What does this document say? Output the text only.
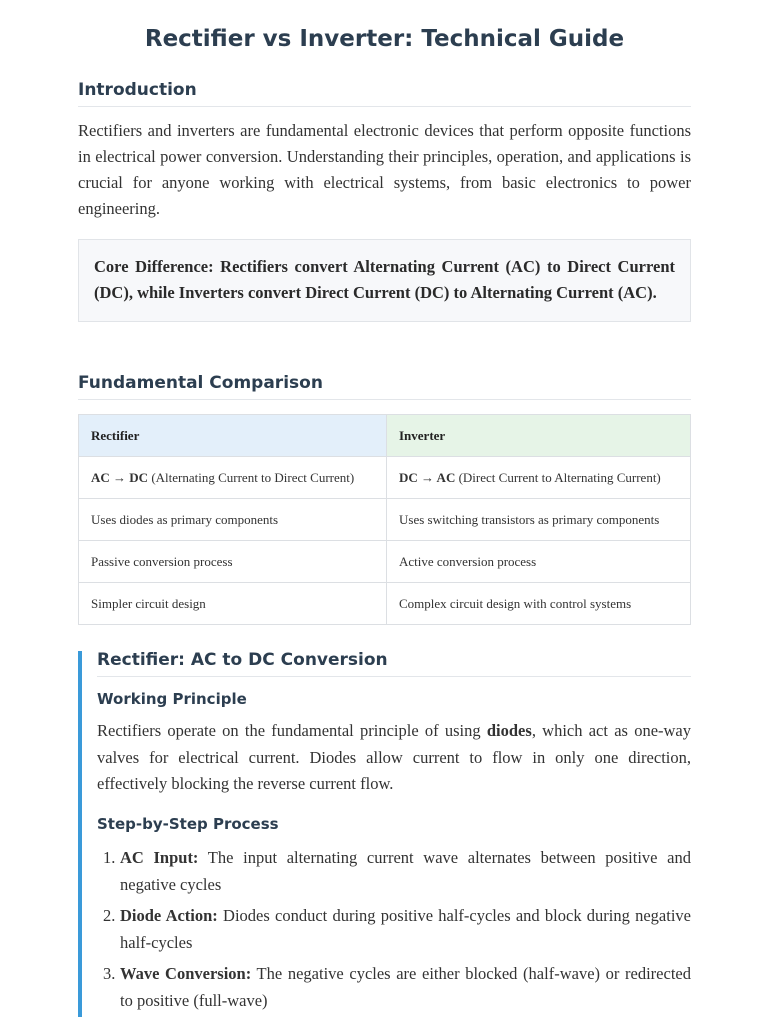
Rectifier vs Inverter: Technical Guide
Introduction

Rectifiers and inverters are fundamental electronic devices that perform opposite functions in electrical power conversion. Understanding their principles, operation, and applications is crucial for anyone working with electrical systems, from basic electronics to power engineering.

Core Difference: Rectifiers convert Alternating Current (AC) to Direct Current (DC), while Inverters convert Direct Current (DC) to Alternating Current (AC).
Fundamental Comparison
Rectifier	Inverter
AC → DC (Alternating Current to Direct Current)	DC → AC (Direct Current to Alternating Current)
Uses diodes as primary components	Uses switching transistors as primary components
Passive conversion process	Active conversion process
Simpler circuit design	Complex circuit design with control systems
Rectifier: AC to DC Conversion
Working Principle

Rectifiers operate on the fundamental principle of using diodes, which act as one-way valves for electrical current. Diodes allow current to flow in only one direction, effectively blocking the reverse current flow.

Step-by-Step Process
1. AC Input: The input alternating current wave alternates between positive and negative cycles
2. Diode Action: Diodes conduct during positive half-cycles and block during negative half-cycles
3. Wave Conversion: The negative cycles are either blocked (half-wave) or redirected to positive (full-wave)
